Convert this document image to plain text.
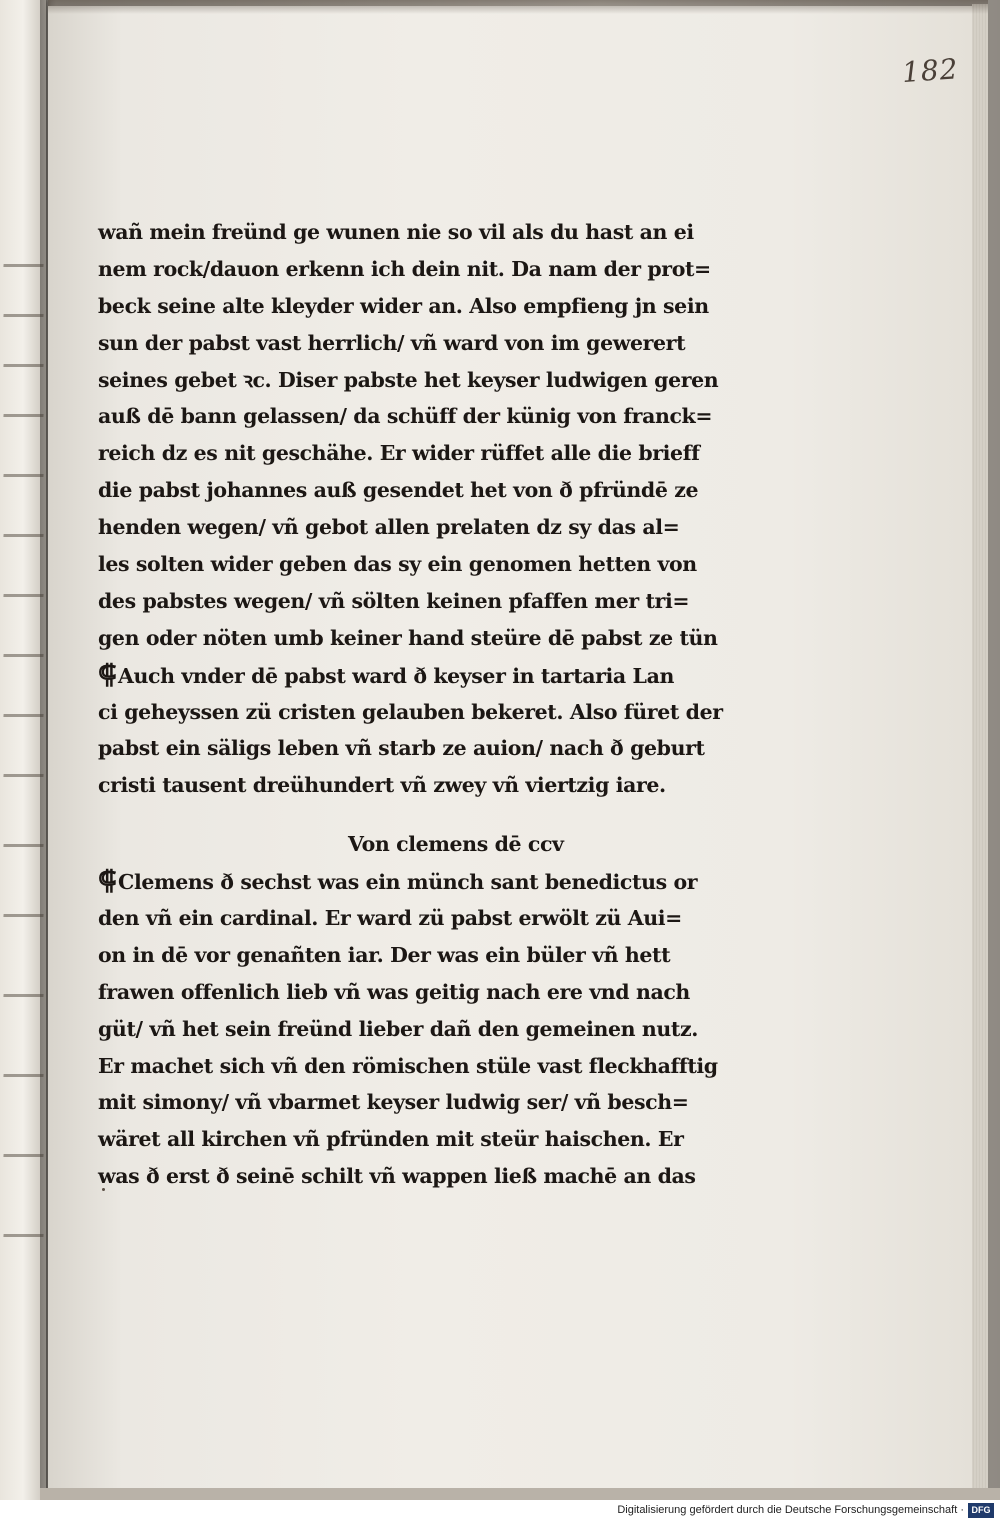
182
wañ mein freünd ge wunen nie so vil als du hast an ei
nem rock/dauon erkenn ich dein nit. Da nam der prot=
beck seine alte kleyder wider an. Also empfieng jn sein
sun der pabst vast herrlich/ vñ ward von im gewerert
seines gebet ꝛc. Diser pabste het keyser ludwigen geren
auß dē bann gelassen/ da schüff der künig von franck=
reich dz es nit geschähe. Er wider rüffet alle die brieff
die pabst johannes auß gesendet het von ð pfründē ze
henden wegen/ vñ gebot allen prelaten dz sy das al=
les solten wider geben das sy ein genomen hetten von
des pabstes wegen/ vñ sölten keinen pfaffen mer tri=
gen oder nöten umb keiner hand steüre dē pabst ze tün
⸿Auch vnder dē pabst ward ð keyser in tartaria Lan
ci geheyssen zü cristen gelauben bekeret. Also füret der
pabst ein säligs leben vñ starb ze auion/ nach ð geburt
cristi tausent dreühundert vñ zwey vñ viertzig iare.
Von clemens dē ccv
⸿Clemens ð sechst was ein münch sant benedictus or
den vñ ein cardinal. Er ward zü pabst erwölt zü Aui=
on in dē vor genañten iar. Der was ein büler vñ hett
frawen offenlich lieb vñ was geitig nach ere vnd nach
güt/ vñ het sein freünd lieber dañ den gemeinen nutz.
Er machet sich vñ den römischen stüle vast fleckhafftig
mit simony/ vñ vbarmet keyser ludwig ser/ vñ besch=
wäret all kirchen vñ pfründen mit steür haischen. Er
was ð erst ð seinē schilt vñ wappen ließ machē an das
Digitalisierung gefördert durch die Deutsche Forschungsgemeinschaft · DFG
